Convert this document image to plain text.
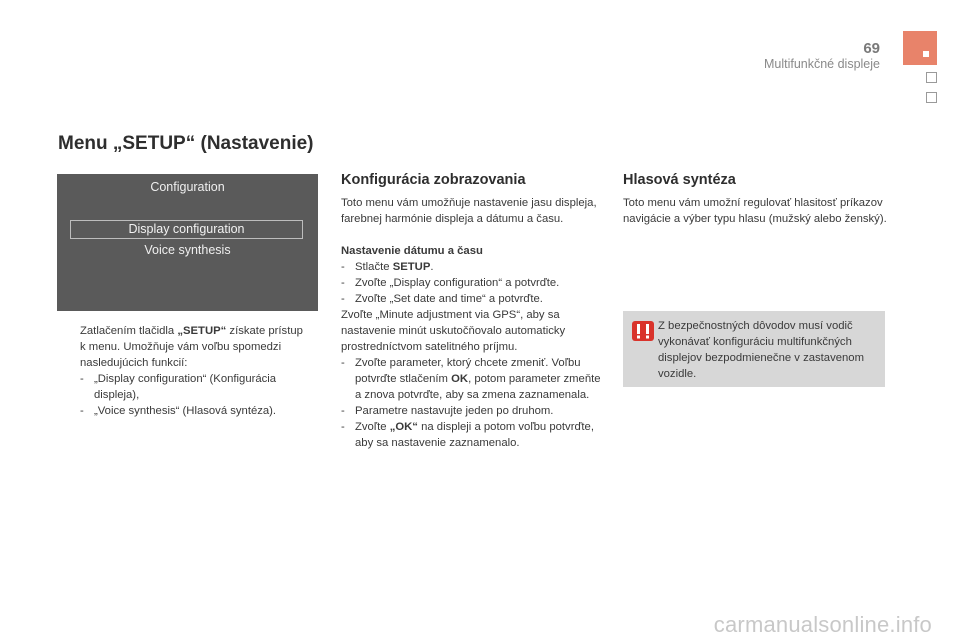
69
Multifunkčné displeje
Menu „SETUP“ (Nastavenie)
Configuration
Display configuration
Voice synthesis

Zatlačením tlačidla „SETUP“ získate prístup k menu. Umožňuje vám voľbu spomedzi nasledujúcich funkcií:

- „Display configuration“ (Konfigurácia displeja),
- „Voice synthesis“ (Hlasová syntéza).
Konfigurácia zobrazovania

Toto menu vám umožňuje nastavenie jasu displeja, farebnej harmónie displeja a dátumu a času.

Nastavenie dátumu a času

- Stlačte SETUP.
- Zvoľte „Display configuration“ a potvrďte.
- Zvoľte „Set date and time“ a potvrďte.

Zvoľte „Minute adjustment via GPS“, aby sa nastavenie minút uskutočňovalo automaticky prostredníctvom satelitného príjmu.

- Zvoľte parameter, ktorý chcete zmeniť. Voľbu potvrďte stlačením OK, potom parameter zmeňte a znova potvrďte, aby sa zmena zaznamenala.
- Parametre nastavujte jeden po druhom.
- Zvoľte „OK“ na displeji a potom voľbu potvrďte, aby sa nastavenie zaznamenalo.
Hlasová syntéza

Toto menu vám umožní regulovať hlasitosť príkazov navigácie a výber typu hlasu (mužský alebo ženský).

Z bezpečnostných dôvodov musí vodič vykonávať konfiguráciu multifunkčných displejov bezpodmienečne v zastavenom vozidle.
carmanualsonline.info
